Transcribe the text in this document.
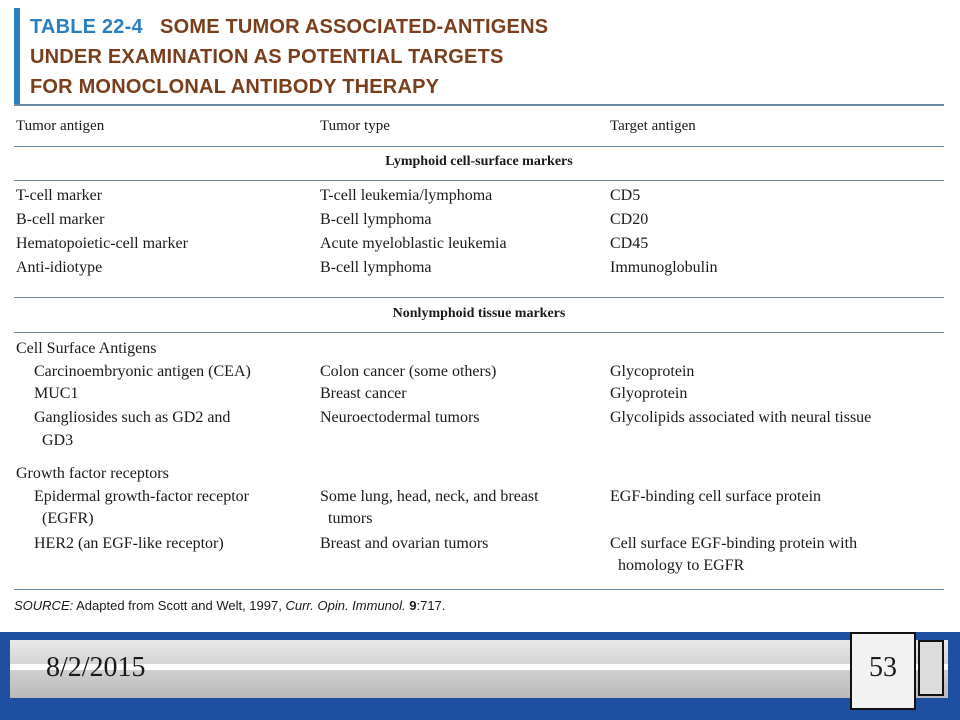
TABLE 22-4 SOME TUMOR ASSOCIATED-ANTIGENS
UNDER EXAMINATION AS POTENTIAL TARGETS
FOR MONOCLONAL ANTIBODY THERAPY
Tumor antigen	Tumor type	Target antigen
Lymphoid cell-surface markers
T-cell marker	T-cell leukemia/lymphoma	CD5
B-cell marker	B-cell lymphoma	CD20
Hematopoietic-cell marker	Acute myeloblastic leukemia	CD45
Anti-idiotype	B-cell lymphoma	Immunoglobulin
Nonlymphoid tissue markers
Cell Surface Antigens
Carcinoembryonic antigen (CEA)	Colon cancer (some others)	Glycoprotein
MUC1	Breast cancer	Glyoprotein
Gangliosides such as GD2 and	Neuroectodermal tumors	Glycolipids associated with neural tissue
GD3
Growth factor receptors
Epidermal growth-factor receptor	Some lung, head, neck, and breast	EGF-binding cell surface protein
(EGFR)	tumors
HER2 (an EGF-like receptor)	Breast and ovarian tumors	Cell surface EGF-binding protein with
homology to EGFR
SOURCE: Adapted from Scott and Welt, 1997, Curr. Opin. Immunol. 9:717.
8/2/2015	53
